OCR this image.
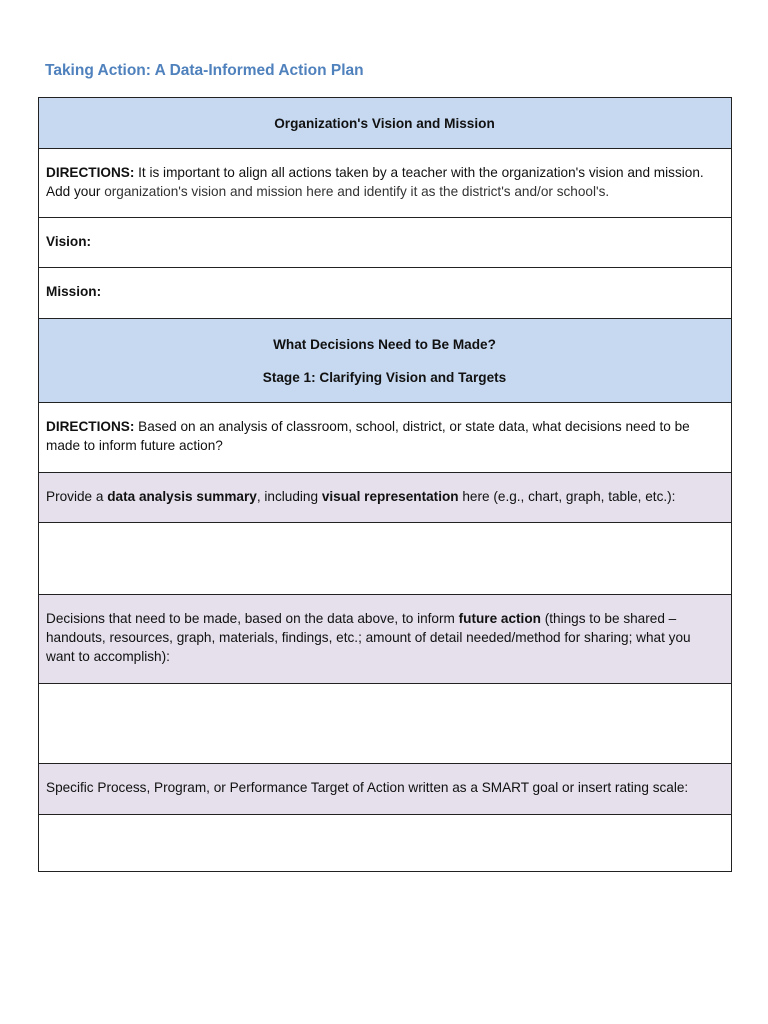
Taking Action: A Data-Informed Action Plan
Organization's Vision and Mission
DIRECTIONS: It is important to align all actions taken by a teacher with the organization's vision and mission. Add your organization's vision and mission here and identify it as the district's and/or school's.
Vision:
Mission:
What Decisions Need to Be Made?
Stage 1: Clarifying Vision and Targets

DIRECTIONS: Based on an analysis of classroom, school, district, or state data, what decisions need to be made to inform future action?
Provide a data analysis summary, including visual representation here (e.g., chart, graph, table, etc.):

Decisions that need to be made, based on the data above, to inform future action (things to be shared – handouts, resources, graph, materials, findings, etc.; amount of detail needed/method for sharing; what you want to accomplish):

Specific Process, Program, or Performance Target of Action written as a SMART goal or insert rating scale:
